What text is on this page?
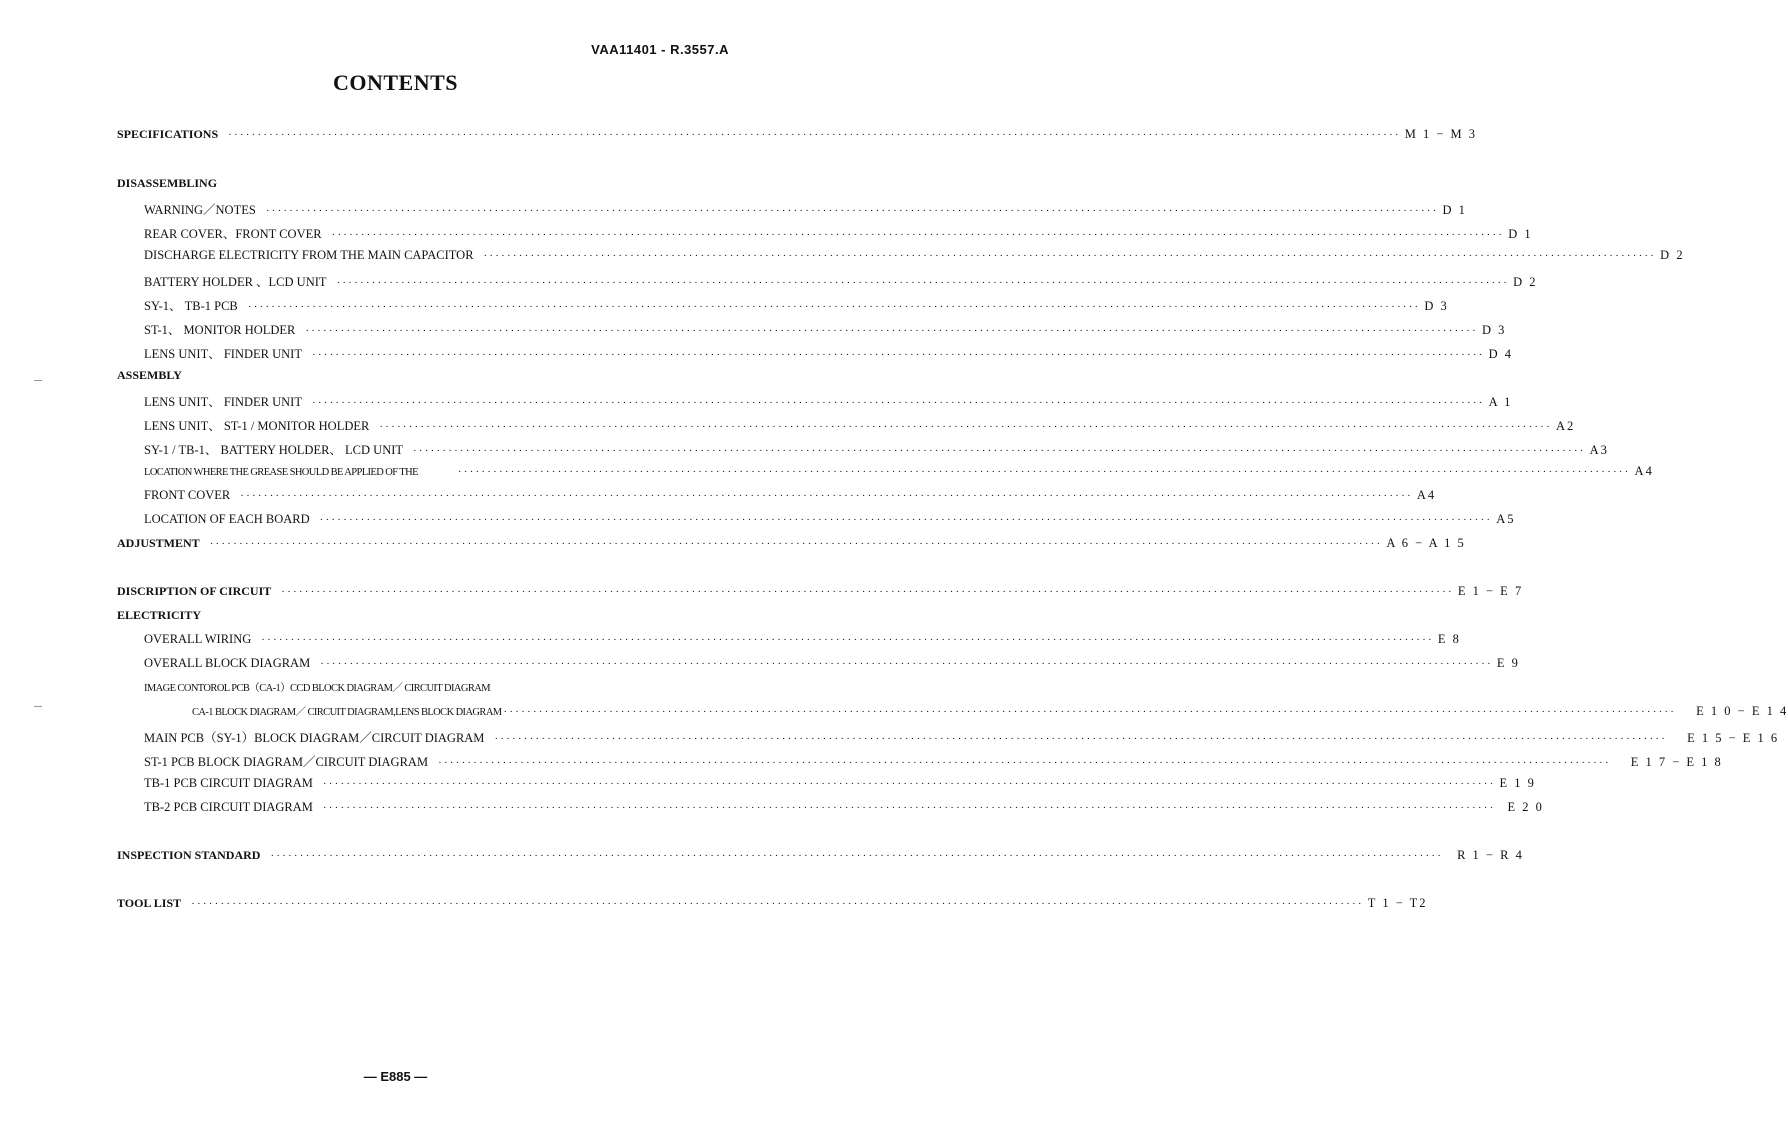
VAA11401 - R.3557.A
CONTENTS
SPECIFICATIONS ········································································································································································································ M 1 − M 3
DISASSEMBLING
WARNING／NOTES ········································································································································································································ D 1
REAR COVER、FRONT COVER ········································································································································································································ D 1
DISCHARGE ELECTRICITY FROM THE MAIN CAPACITOR ········································································································································································································ D 2
BATTERY HOLDER 、LCD UNIT ········································································································································································································ D 2
SY-1、 TB-1 PCB ········································································································································································································ D 3
ST-1、 MONITOR HOLDER ········································································································································································································ D 3
LENS UNIT、 FINDER UNIT ········································································································································································································ D 4
ASSEMBLY
LENS UNIT、 FINDER UNIT ········································································································································································································ A 1
LENS UNIT、 ST-1 / MONITOR HOLDER ········································································································································································································ A2
SY-1 / TB-1、 BATTERY HOLDER、 LCD UNIT ········································································································································································································ A3
LOCATION WHERE THE GREASE SHOULD BE APPLIED OF THE	········································································································································································································ A4
FRONT COVER ········································································································································································································ A4
LOCATION OF EACH BOARD ········································································································································································································ A5
ADJUSTMENT ········································································································································································································ A 6 − A 1 5
DISCRIPTION OF CIRCUIT ········································································································································································································ E 1 − E 7
ELECTRICITY
OVERALL WIRING ········································································································································································································ E 8
OVERALL BLOCK DIAGRAM ········································································································································································································ E 9
IMAGE CONTOROL PCB（CA-1）CCD BLOCK DIAGRAM／ CIRCUIT DIAGRAM
CA-1 BLOCK DIAGRAM／ CIRCUIT DIAGRAM,LENS BLOCK DIAGRAM ········································································································································································································ E 1 0 − E 1 4
MAIN PCB（SY-1）BLOCK DIAGRAM／CIRCUIT DIAGRAM ········································································································································································································ E 1 5 − E 1 6
ST-1 PCB BLOCK DIAGRAM／CIRCUIT DIAGRAM ········································································································································································································ E 1 7 − E 1 8
TB-1 PCB CIRCUIT DIAGRAM ········································································································································································································ E 1 9
TB-2 PCB CIRCUIT DIAGRAM ········································································································································································································ E 2 0
INSPECTION STANDARD ········································································································································································································ R 1 − R 4
TOOL LIST ········································································································································································································ T 1 − T2
— E885 —
